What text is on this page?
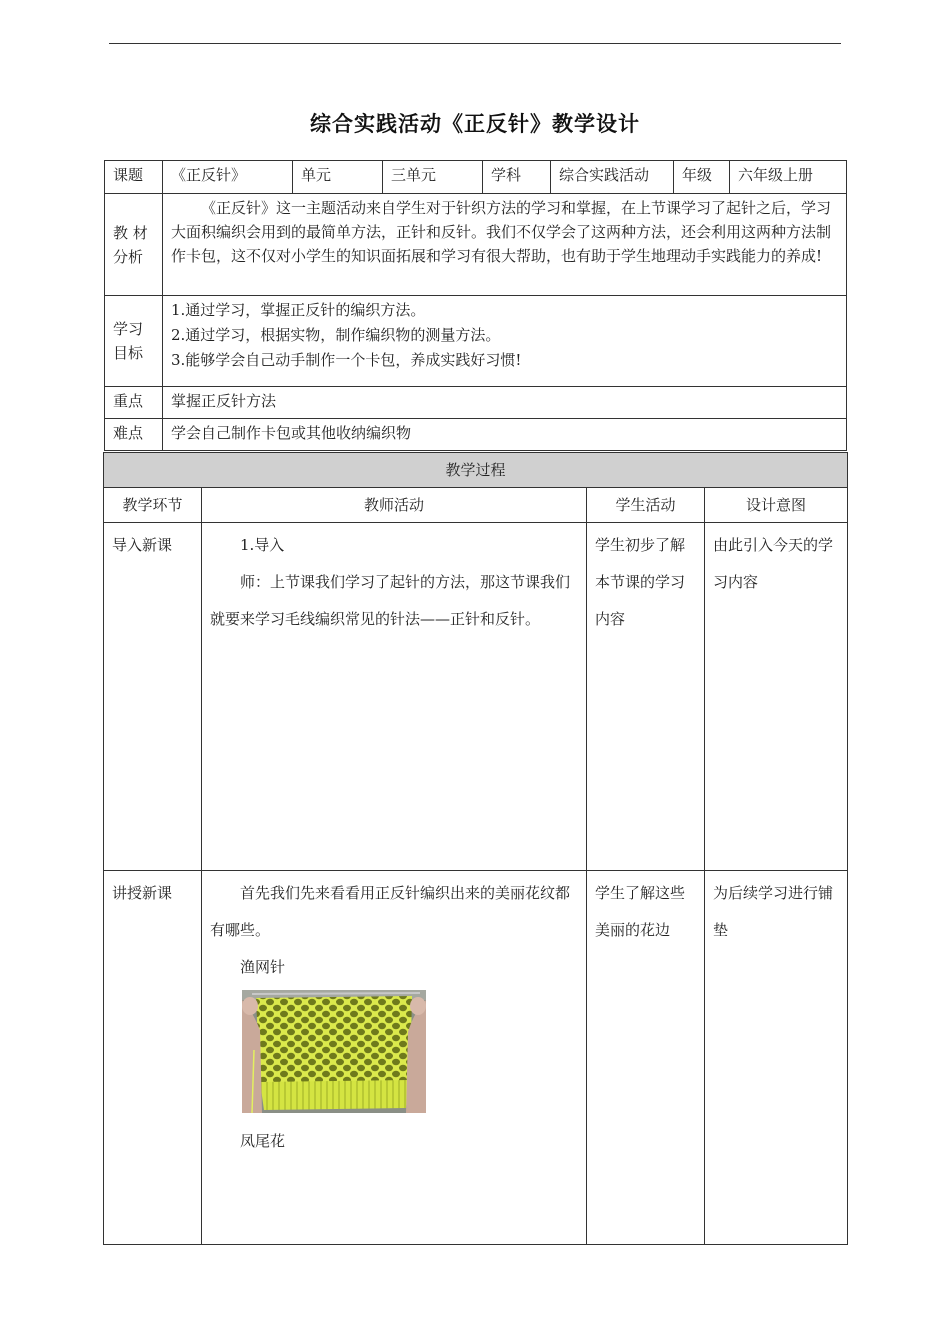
综合实践活动《正反针》教学设计
课题	《正反针》	单元	三单元	学科	综合实践活动	年级	六年级上册
教 材 分析	《正反针》这一主题活动来自学生对于针织方法的学习和掌握，在上节课学习了起针之后，学习大面积编织会用到的最简单方法，正针和反针。我们不仅学会了这两种方法，还会利用这两种方法制作卡包，这不仅对小学生的知识面拓展和学习有很大帮助，也有助于学生地理动手实践能力的养成!						

学习 目标	1.通过学习，掌握正反针的编织方法。
2.通过学习，根据实物，制作编织物的测量方法。
3.能够学会自己动手制作一个卡包，养成实践好习惯!						

重点	掌握正反针方法						
难点	学会自己制作卡包或其他收纳编织物						
教学过程			
教学环节	教师活动	学生活动	设计意图
导入新课	1.导入
师：上节课我们学习了起针的方法，那这节课我们就要来学习毛线编织常见的针法——正针和反针。	学生初步了解本节课的学习内容	由此引入今天的学习内容
讲授新课	首先我们先来看看用正反针编织出来的美丽花纹都有哪些。
渔网针
凤尾花	学生了解这些美丽的花边	为后续学习进行铺垫
